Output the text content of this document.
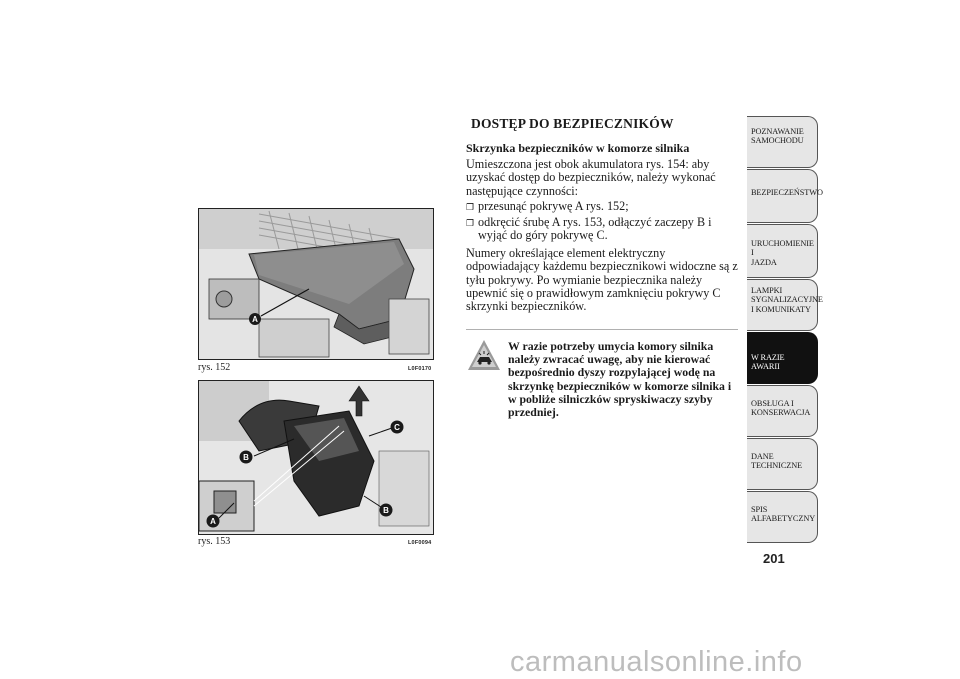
A
rys. 152	L0F0170
C
B
B
A
rys. 153	L0F0094
DOSTĘP DO BEZPIECZNIKÓW
Skrzynka bezpieczników w komorze silnika
Umieszczona jest obok akumulatora rys. 154: aby uzyskać dostęp do bezpieczników, należy wykonać następujące czynności:
❐ przesunąć pokrywę A rys. 152;
❐ odkręcić śrubę A rys. 153, odłączyć zaczepy B i wyjąć do góry pokrywę C.
Numery określające element elektryczny odpowiadający każdemu bezpiecznikowi widoczne są z tyłu pokrywy. Po wymianie bezpiecznika należy upewnić się o prawidłowym zamknięciu pokrywy C skrzynki bezpieczników.
W razie potrzeby umycia komory silnika należy zwracać uwagę, aby nie kierować bezpośrednio dyszy rozpylającej wodę na skrzynkę bezpieczników w komorze silnika i w pobliże silniczków spryskiwaczy szyby przedniej.
POZNAWANIE
SAMOCHODU
BEZPIECZEŃSTWO
URUCHOMIENIE I
JAZDA
LAMPKI
SYGNALIZACYJNE
I KOMUNIKATY
W RAZIE AWARII
OBSŁUGA I
KONSERWACJA
DANE
TECHNICZNE
SPIS
ALFABETYCZNY
201
carmanualsonline.info
